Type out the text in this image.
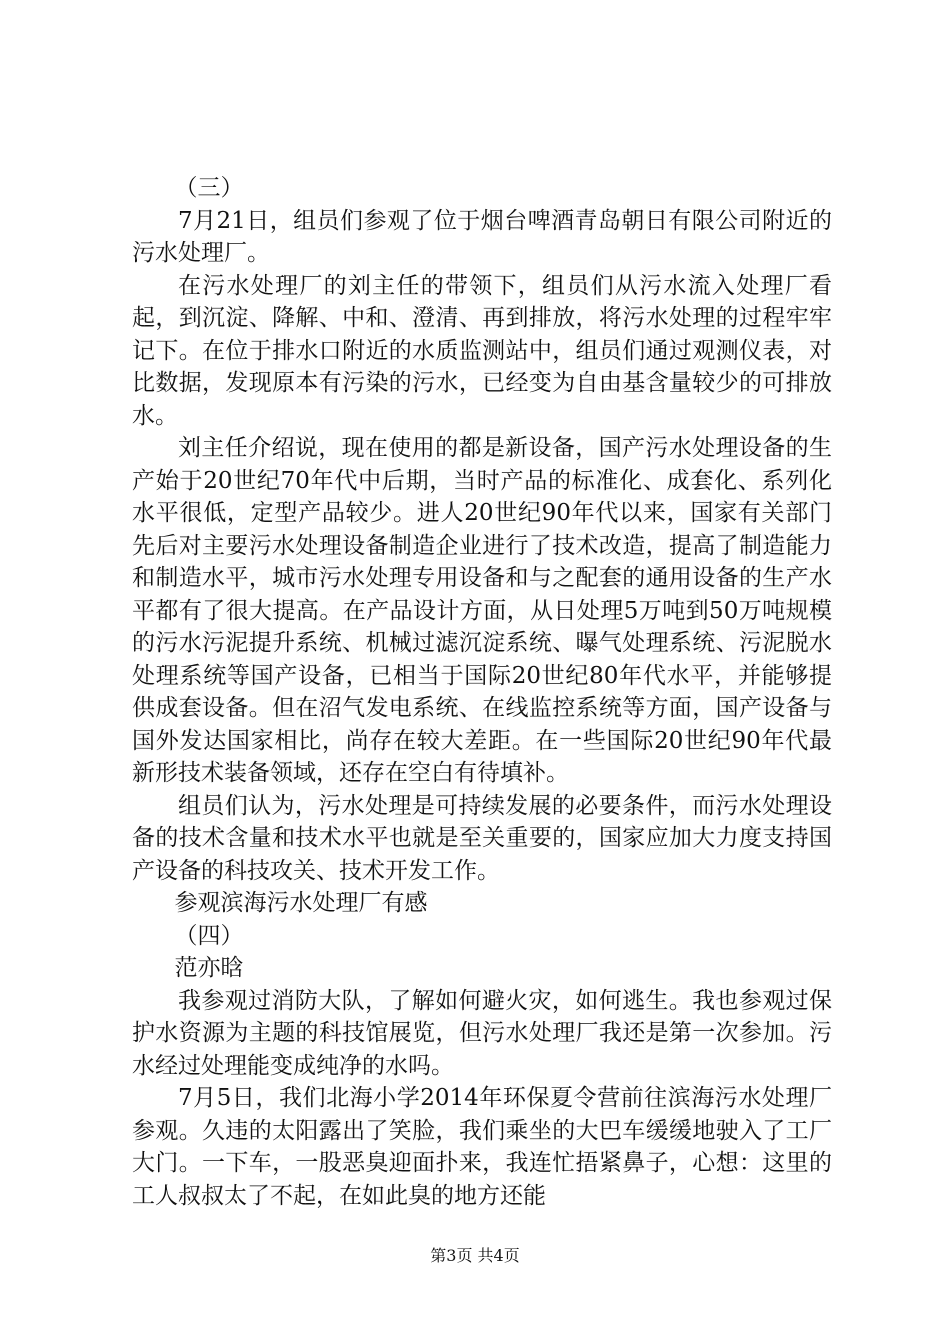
（三）

7月21日，组员们参观了位于烟台啤酒青岛朝日有限公司附近的污水处理厂。

在污水处理厂的刘主任的带领下，组员们从污水流入处理厂看起，到沉淀、降解、中和、澄清、再到排放，将污水处理的过程牢牢记下。在位于排水口附近的水质监测站中，组员们通过观测仪表，对比数据，发现原本有污染的污水，已经变为自由基含量较少的可排放水。

刘主任介绍说，现在使用的都是新设备，国产污水处理设备的生产始于20世纪70年代中后期，当时产品的标准化、成套化、系列化水平很低，定型产品较少。进人20世纪90年代以来，国家有关部门先后对主要污水处理设备制造企业进行了技术改造，提高了制造能力和制造水平，城市污水处理专用设备和与之配套的通用设备的生产水平都有了很大提高。在产品设计方面，从日处理5万吨到50万吨规模的污水污泥提升系统、机械过滤沉淀系统、曝气处理系统、污泥脱水处理系统等国产设备，已相当于国际20世纪80年代水平，并能够提供成套设备。但在沼气发电系统、在线监控系统等方面，国产设备与国外发达国家相比，尚存在较大差距。在一些国际20世纪90年代最新形技术装备领域，还存在空白有待填补。

组员们认为，污水处理是可持续发展的必要条件，而污水处理设备的技术含量和技术水平也就是至关重要的，国家应加大力度支持国产设备的科技攻关、技术开发工作。

参观滨海污水处理厂有感

（四）

范亦晗

我参观过消防大队，了解如何避火灾，如何逃生。我也参观过保护水资源为主题的科技馆展览，但污水处理厂我还是第一次参加。污水经过处理能变成纯净的水吗。

7月5日，我们北海小学2014年环保夏令营前往滨海污水处理厂参观。久违的太阳露出了笑脸，我们乘坐的大巴车缓缓地驶入了工厂大门。一下车，一股恶臭迎面扑来，我连忙捂紧鼻子，心想：这里的工人叔叔太了不起，在如此臭的地方还能

第3页 共4页
